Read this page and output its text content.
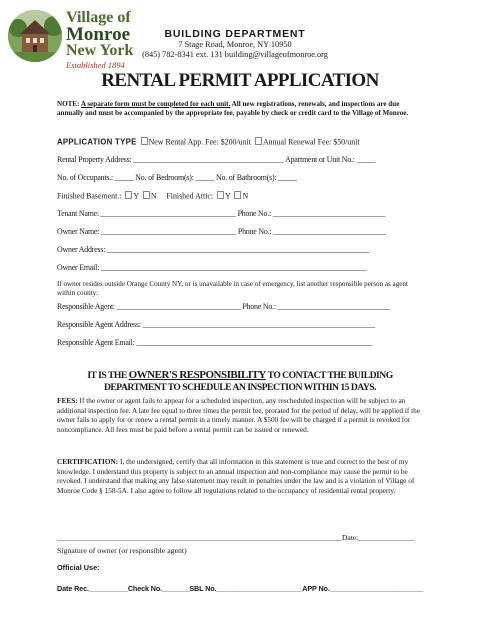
Village of
Monroe
New York
Established 1894
BUILDING DEPARTMENT
7 Stage Road, Monroe, NY 10950
(845) 782-8341 ext. 131 building@villageofmonroe.org
RENTAL PERMIT APPLICATION
NOTE: A separate form must be completed for each unit. All new registrations, renewals, and inspections are due annually and must be accompanied by the appropriate fee, payable by check or credit card to the Village of Monroe.
APPLICATION TYPE New Rental App. Fee: $200/unit Annual Renewal Fee: $50/unit
Rental Property Address: ________________________________________ Apartment or Unit No.: _____
No. of Occupants.: _____ No. of Bedroom(s): _____ No. of Bathroom(s): _____
Finished Basement.: Y N Finished Attic: Y N
Tenant Name: ____________________________________ Phone No.: ______________________________
Owner Name: ____________________________________ Phone No.: ______________________________
Owner Address: ______________________________________________________________________
Owner Email: _______________________________________________________________________
If owner resides outside Orange County NY, or is unavailable in case of emergency, list another responsible person as agent within county:
Responsible Agent: _________________________________ Phone No.: ______________________________
Responsible Agent Address: ______________________________________________________________
Responsible Agent Email: _______________________________________________________________
IT IS THE OWNER'S RESPONSIBILITY TO CONTACT THE BUILDING
DEPARTMENT TO SCHEDULE AN INSPECTION WITHIN 15 DAYS.
FEES: If the owner or agent fails to appear for a scheduled inspection, any rescheduled inspection will be subject to an additional inspection fee. A late fee equal to three times the permit fee, prorated for the period of delay, will be applied if the owner fails to apply for or renew a rental permit in a timely manner. A $500 fee will be charged if a permit is revoked for noncompliance. All fees must be paid before a rental permit can be issued or renewed.
CERTIFICATION: I, the undersigned, certify that all information in this statement is true and correct to the best of my knowledge. I understand this property is subject to an annual inspection and non-compliance may cause the permit to be revoked. I understand that making any false statement may result in penalties under the law and is a violation of Village of Monroe Code § 158-5A. I also agree to follow all regulations related to the occupancy of residential rental property.
____________________________________________________________________________Date:_______________
Signature of owner (or responsible agent)
Official Use:
Date Rec.__________Check No._______SBL No.______________________APP No.________________________
